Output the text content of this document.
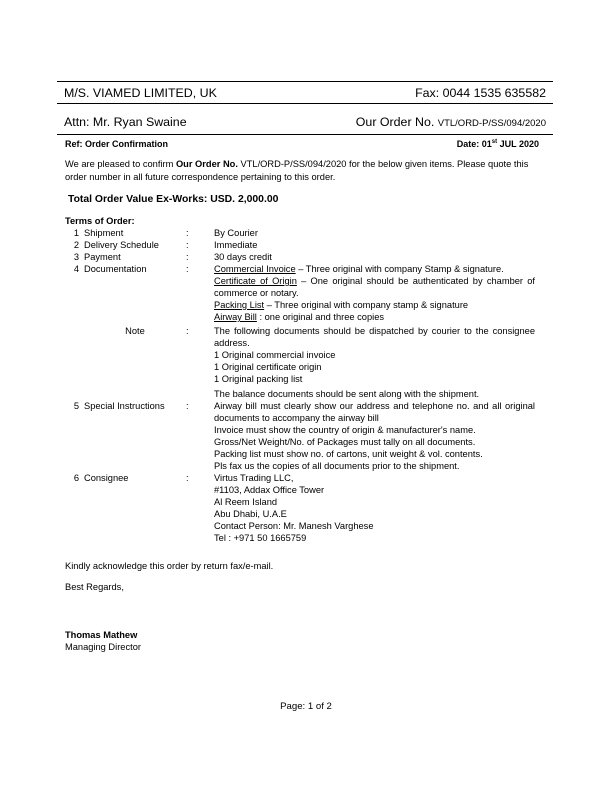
M/S. VIAMED LIMITED, UK	Fax: 0044 1535 635582
Attn: Mr. Ryan Swaine	Our Order No. VTL/ORD-P/SS/094/2020
Ref: Order Confirmation	Date: 01st JUL 2020
We are pleased to confirm Our Order No. VTL/ORD-P/SS/094/2020 for the below given items. Please quote this order number in all future correspondence pertaining to this order.
Total Order Value Ex-Works: USD. 2,000.00
Terms of Order:
1 Shipment	:	By Courier
2 Delivery Schedule	:	Immediate
3 Payment	:	30 days credit
4 Documentation	:	Commercial Invoice – Three original with company Stamp & signature.
Certificate of Origin – One original should be authenticated by chamber of commerce or notary.
Packing List – Three original with company stamp & signature
Airway Bill : one original and three copies
Note	:	The following documents should be dispatched by courier to the consignee address.
1 Original commercial invoice
1 Original certificate origin
1 Original packing list
The balance documents should be sent along with the shipment.
5 Special Instructions	:	Airway bill must clearly show our address and telephone no. and all original documents to accompany the airway bill
Invoice must show the country of origin & manufacturer's name.
Gross/Net Weight/No. of Packages must tally on all documents.
Packing list must show no. of cartons, unit weight & vol. contents.
Pls fax us the copies of all documents prior to the shipment.
6 Consignee	:	Virtus Trading LLC,
#1103, Addax Office Tower
Al Reem Island
Abu Dhabi, U.A.E
Contact Person: Mr. Manesh Varghese
Tel : +971 50 1665759
Kindly acknowledge this order by return fax/e-mail.
Best Regards,
Thomas Mathew
Managing Director
Page: 1 of 2
